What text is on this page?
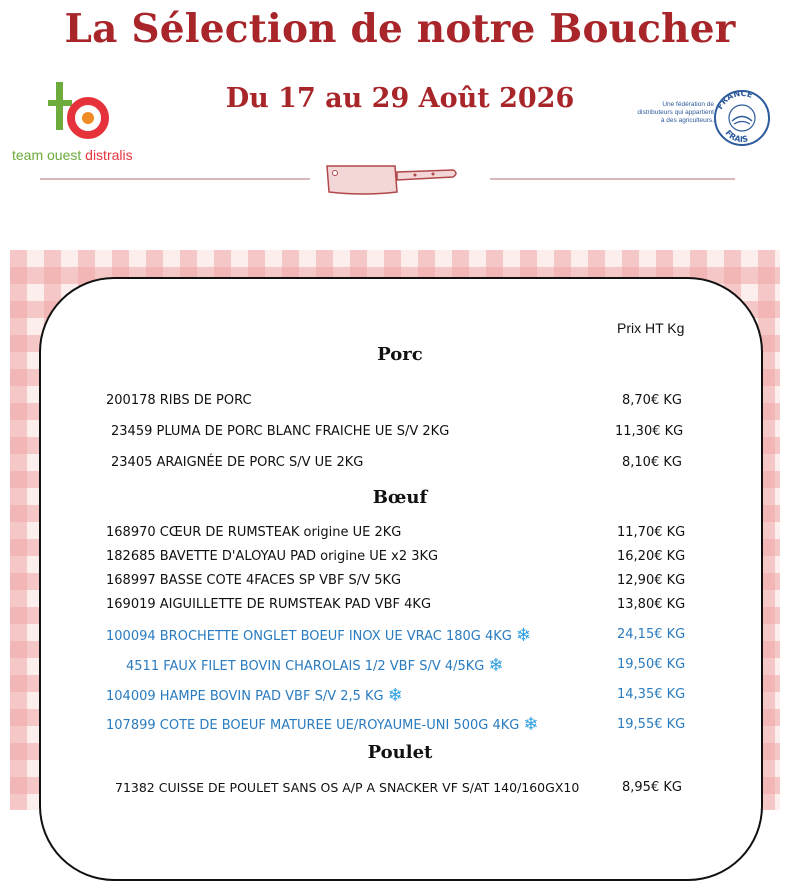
La Sélection de notre Boucher
Du 17 au 29 Août 2026
team ouest distralis
Une fédération de distributeurs qui appartient à des agriculteurs.
FRANCE
FRAIS
Prix HT Kg
Porc
Bœuf
Poulet
200178 RIBS DE PORC	8,70€ KG
23459 PLUMA DE PORC BLANC FRAICHE UE S/V 2KG	11,30€ KG
23405 ARAIGNÉE DE PORC S/V UE 2KG	8,10€ KG
168970 CŒUR DE RUMSTEAK origine UE 2KG	11,70€ KG
182685 BAVETTE D'ALOYAU PAD origine UE x2 3KG	16,20€ KG
168997 BASSE COTE 4FACES SP VBF S/V 5KG	12,90€ KG
169019 AIGUILLETTE DE RUMSTEAK PAD VBF 4KG	13,80€ KG
100094 BROCHETTE ONGLET BOEUF INOX UE VRAC 180G 4KG ❄	24,15€ KG
4511 FAUX FILET BOVIN CHAROLAIS 1/2 VBF S/V 4/5KG ❄	19,50€ KG
104009 HAMPE BOVIN PAD VBF S/V 2,5 KG ❄	14,35€ KG
107899 COTE DE BOEUF MATUREE UE/ROYAUME-UNI 500G 4KG ❄	19,55€ KG
71382 CUISSE DE POULET SANS OS A/P A SNACKER VF S/AT 140/160GX10	8,95€ KG
